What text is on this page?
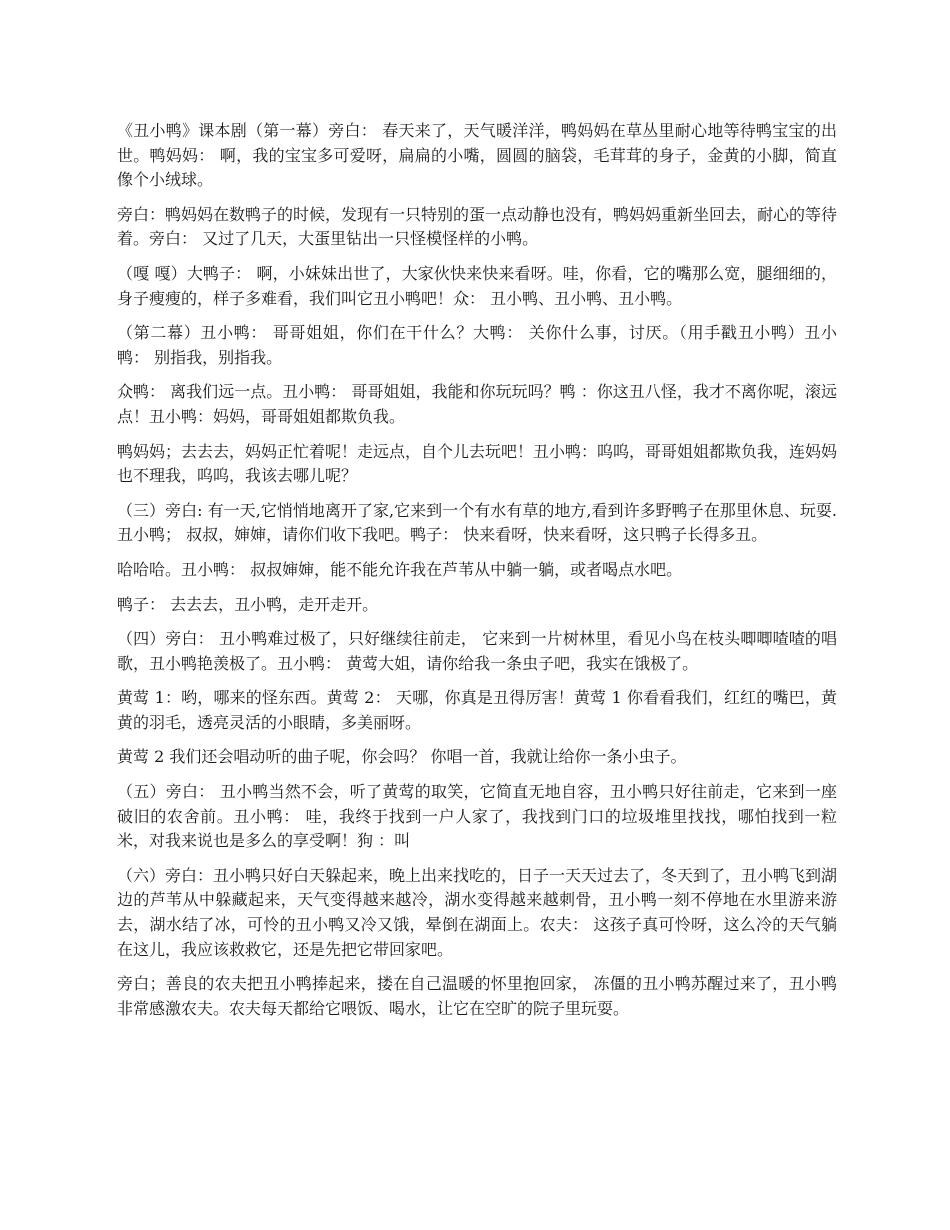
《丑小鸭》课本剧（第一幕）旁白： 春天来了，天气暖洋洋，鸭妈妈在草丛里耐心地等待鸭宝宝的出世。鸭妈妈： 啊，我的宝宝多可爱呀，扁扁的小嘴，圆圆的脑袋，毛茸茸的身子，金黄的小脚，简直像个小绒球。

旁白：鸭妈妈在数鸭子的时候，发现有一只特别的蛋一点动静也没有，鸭妈妈重新坐回去，耐心的等待着。旁白： 又过了几天，大蛋里钻出一只怪模怪样的小鸭。

（嘎 嘎）大鸭子： 啊，小妹妹出世了，大家伙快来快来看呀。哇，你看，它的嘴那么宽，腿细细的，身子瘦瘦的，样子多难看，我们叫它丑小鸭吧！众： 丑小鸭、丑小鸭、丑小鸭。

（第二幕）丑小鸭： 哥哥姐姐，你们在干什么？大鸭： 关你什么事，讨厌。（用手戳丑小鸭）丑小鸭： 别指我，别指我。

众鸭： 离我们远一点。丑小鸭： 哥哥姐姐，我能和你玩玩吗？鸭 ：你这丑八怪，我才不离你呢，滚远点！丑小鸭：妈妈，哥哥姐姐都欺负我。

鸭妈妈；去去去，妈妈正忙着呢！走远点，自个儿去玩吧！丑小鸭：呜呜，哥哥姐姐都欺负我，连妈妈也不理我，呜呜，我该去哪儿呢？

（三）旁白: 有一天,它悄悄地离开了家,它来到一个有水有草的地方,看到许多野鸭子在那里休息、玩耍.丑小鸭； 叔叔，婶婶，请你们收下我吧。鸭子： 快来看呀，快来看呀，这只鸭子长得多丑。

哈哈哈。丑小鸭： 叔叔婶婶，能不能允许我在芦苇从中躺一躺，或者喝点水吧。

鸭子： 去去去，丑小鸭，走开走开。

（四）旁白： 丑小鸭难过极了，只好继续往前走， 它来到一片树林里，看见小鸟在枝头唧唧喳喳的唱歌，丑小鸭艳羡极了。丑小鸭： 黄莺大姐，请你给我一条虫子吧，我实在饿极了。

黄莺 1：哟，哪来的怪东西。黄莺 2： 天哪，你真是丑得厉害！黄莺 1 你看看我们，红红的嘴巴，黄黄的羽毛，透亮灵活的小眼睛，多美丽呀。

黄莺 2 我们还会唱动听的曲子呢，你会吗？ 你唱一首，我就让给你一条小虫子。

（五）旁白： 丑小鸭当然不会，听了黄莺的取笑，它简直无地自容，丑小鸭只好往前走，它来到一座破旧的农舍前。丑小鸭： 哇，我终于找到一户人家了，我找到门口的垃圾堆里找找，哪怕找到一粒米，对我来说也是多么的享受啊！狗 ：叫

（六）旁白：丑小鸭只好白天躲起来，晚上出来找吃的，日子一天天过去了，冬天到了，丑小鸭飞到湖边的芦苇从中躲藏起来，天气变得越来越冷，湖水变得越来越刺骨，丑小鸭一刻不停地在水里游来游去，湖水结了冰，可怜的丑小鸭又冷又饿，晕倒在湖面上。农夫： 这孩子真可怜呀，这么冷的天气躺在这儿，我应该救救它，还是先把它带回家吧。

旁白；善良的农夫把丑小鸭捧起来，搂在自己温暖的怀里抱回家， 冻僵的丑小鸭苏醒过来了，丑小鸭非常感激农夫。农夫每天都给它喂饭、喝水，让它在空旷的院子里玩耍。
